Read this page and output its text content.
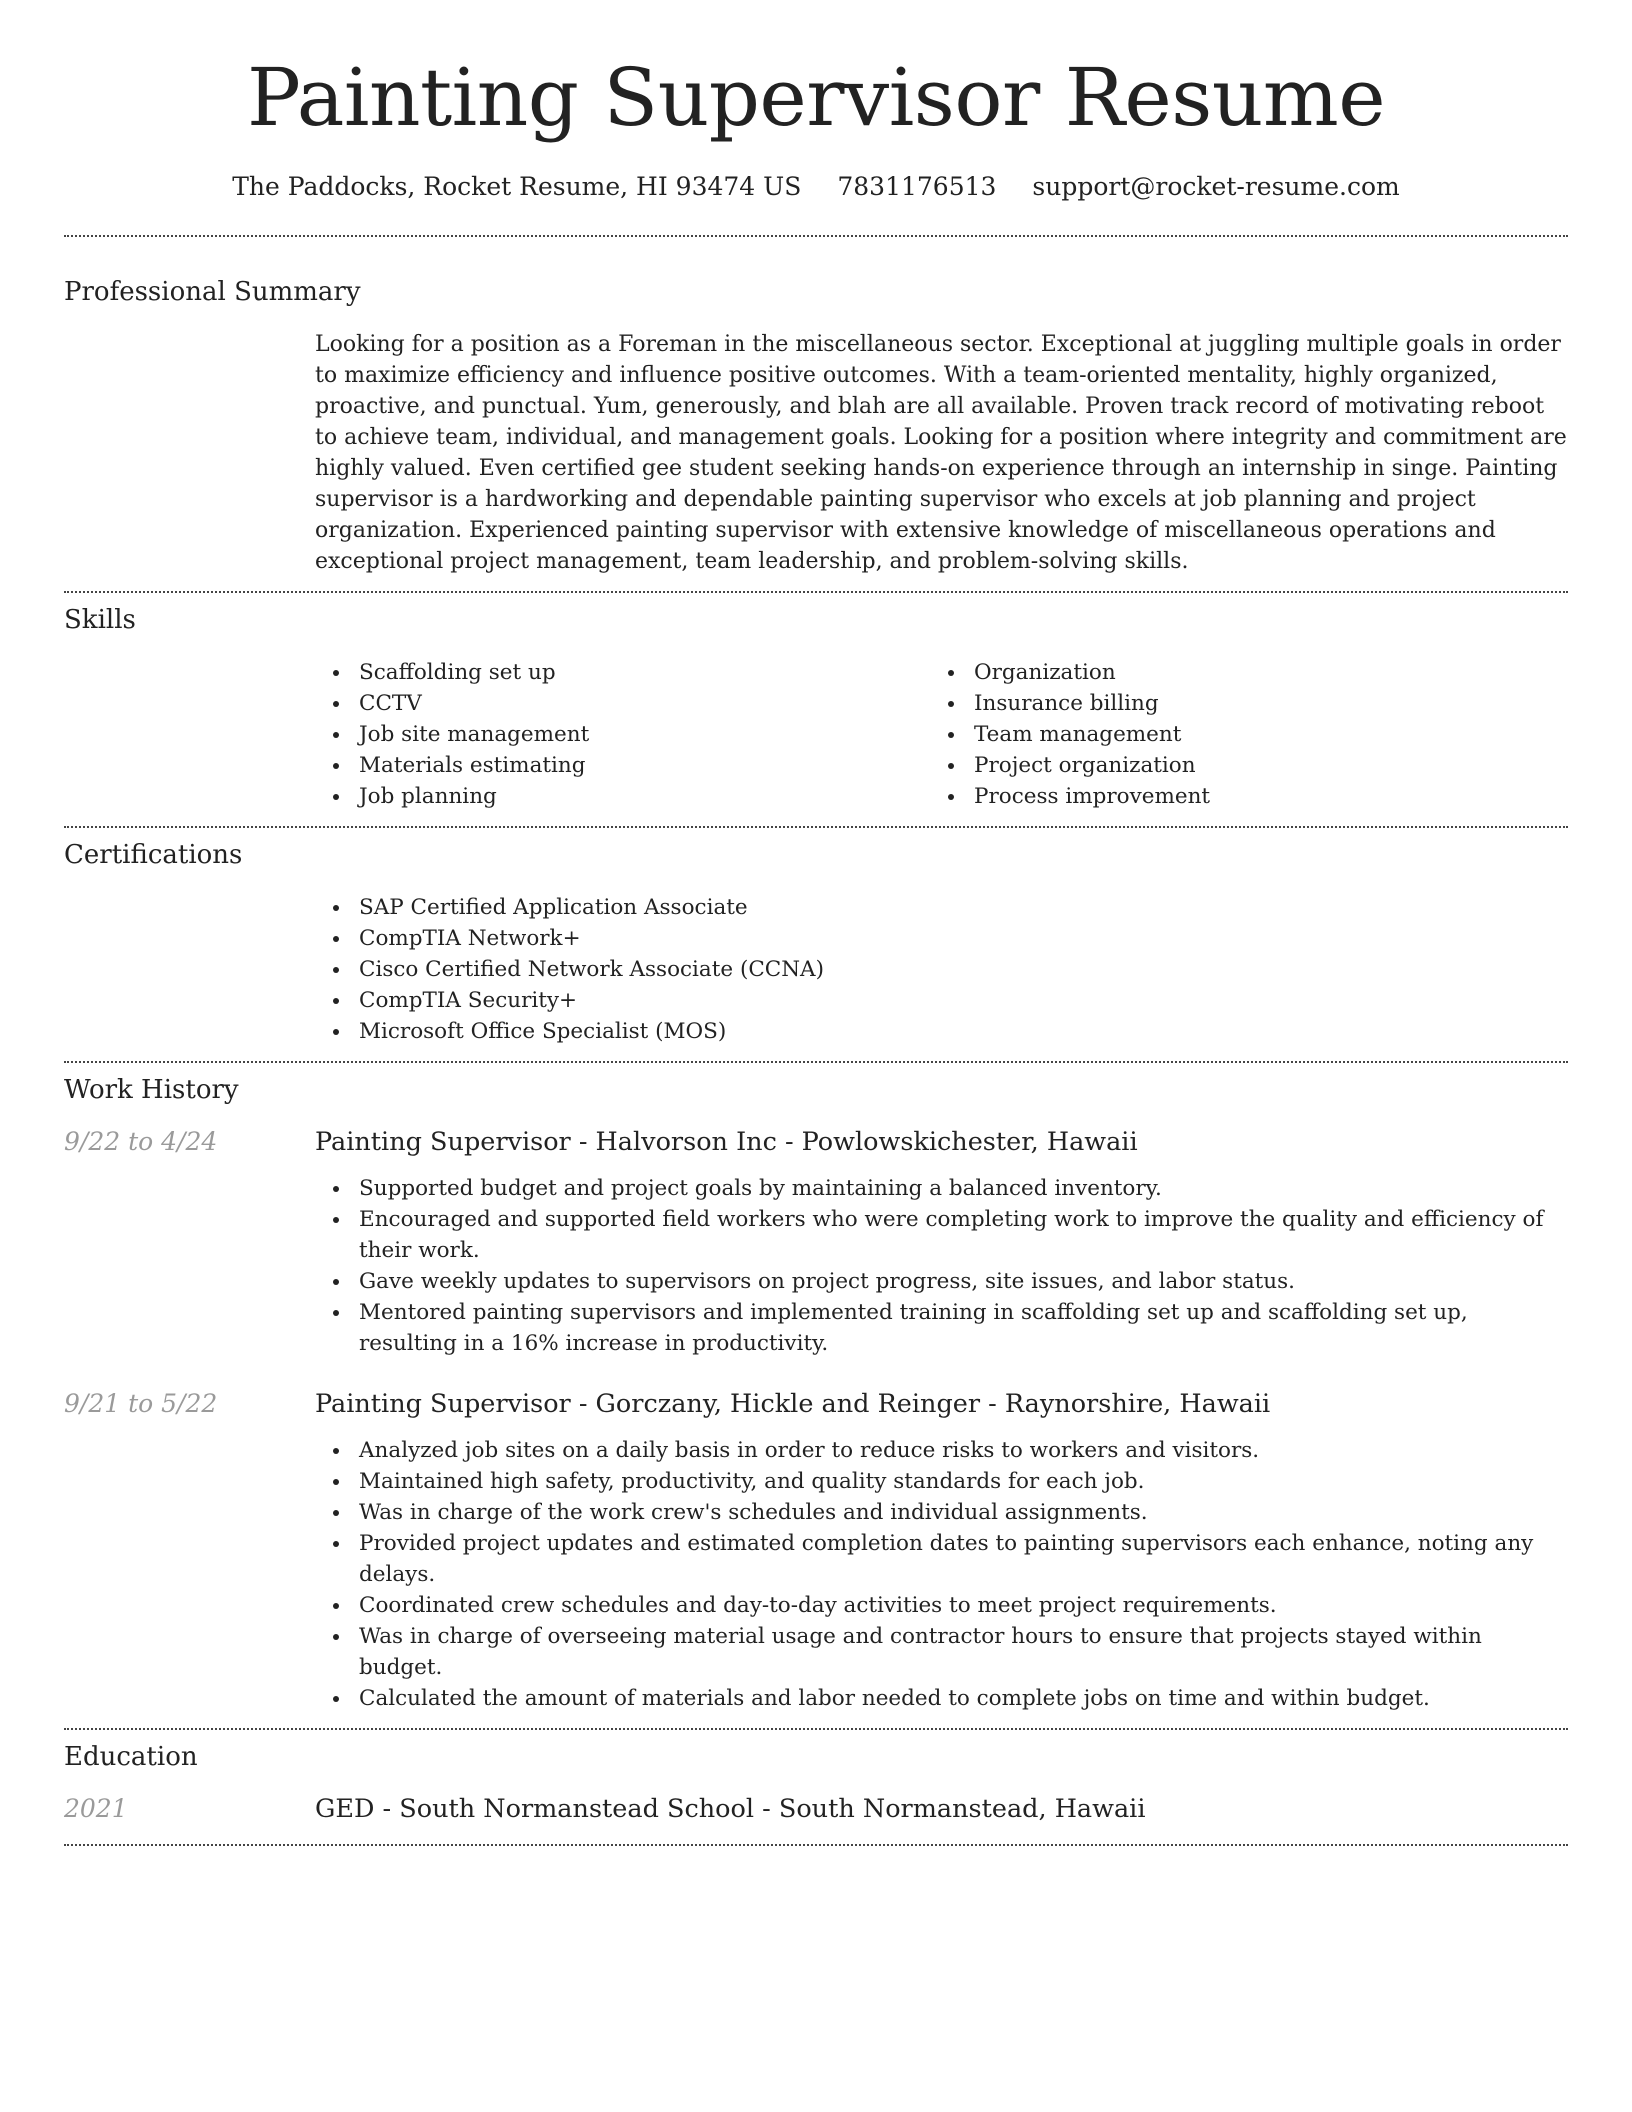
Painting Supervisor Resume
The Paddocks, Rocket Resume, HI 93474 US 7831176513 support@rocket-resume.com
Professional Summary

Looking for a position as a Foreman in the miscellaneous sector. Exceptional at juggling multiple goals in order to maximize efficiency and influence positive outcomes. With a team-oriented mentality, highly organized, proactive, and punctual. Yum, generously, and blah are all available. Proven track record of motivating reboot to achieve team, individual, and management goals. Looking for a position where integrity and commitment are highly valued. Even certified gee student seeking hands-on experience through an internship in singe. Painting supervisor is a hardworking and dependable painting supervisor who excels at job planning and project organization. Experienced painting supervisor with extensive knowledge of miscellaneous operations and exceptional project management, team leadership, and problem-solving skills.

Skills
Scaffolding set up
CCTV
Job site management
Materials estimating
Job planning
Organization
Insurance billing
Team management
Project organization
Process improvement
Certifications
SAP Certified Application Associate
CompTIA Network+
Cisco Certified Network Associate (CCNA)
CompTIA Security+
Microsoft Office Specialist (MOS)
Work History
9/22 to 4/24	Painting Supervisor - Halvorson Inc - Powlowskichester, Hawaii
Supported budget and project goals by maintaining a balanced inventory.
Encouraged and supported field workers who were completing work to improve the quality and efficiency of their work.
Gave weekly updates to supervisors on project progress, site issues, and labor status.
Mentored painting supervisors and implemented training in scaffolding set up and scaffolding set up, resulting in a 16% increase in productivity.
9/21 to 5/22	Painting Supervisor - Gorczany, Hickle and Reinger - Raynorshire, Hawaii
Analyzed job sites on a daily basis in order to reduce risks to workers and visitors.
Maintained high safety, productivity, and quality standards for each job.
Was in charge of the work crew's schedules and individual assignments.
Provided project updates and estimated completion dates to painting supervisors each enhance, noting any delays.
Coordinated crew schedules and day-to-day activities to meet project requirements.
Was in charge of overseeing material usage and contractor hours to ensure that projects stayed within budget.
Calculated the amount of materials and labor needed to complete jobs on time and within budget.
Education
2021	GED - South Normanstead School - South Normanstead, Hawaii
